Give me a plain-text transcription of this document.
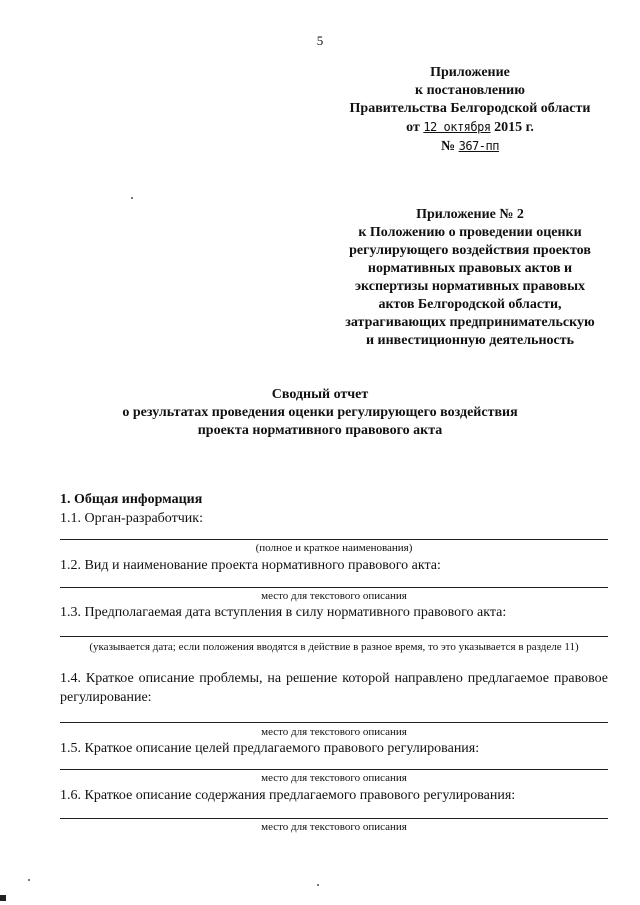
5
Приложение
к постановлению
Правительства Белгородской области
от 12 октября 2015 г.
№ 367-пп
Приложение № 2
к Положению о проведении оценки
регулирующего воздействия проектов
нормативных правовых актов и
экспертизы нормативных правовых
актов Белгородской области,
затрагивающих предпринимательскую
и инвестиционную деятельность
Сводный отчет
о результатах проведения оценки регулирующего воздействия
проекта нормативного правового акта
1. Общая информация
1.1. Орган-разработчик:
(полное и краткое наименования)
1.2. Вид и наименование проекта нормативного правового акта:
место для текстового описания
1.3. Предполагаемая дата вступления в силу нормативного правового акта:
(указывается дата; если положения вводятся в действие в разное время, то это указывается в разделе 11)
1.4. Краткое описание проблемы, на решение которой направлено предлагаемое правовое регулирование:
место для текстового описания
1.5. Краткое описание целей предлагаемого правового регулирования:
место для текстового описания
1.6. Краткое описание содержания предлагаемого правового регулирования:
место для текстового описания
